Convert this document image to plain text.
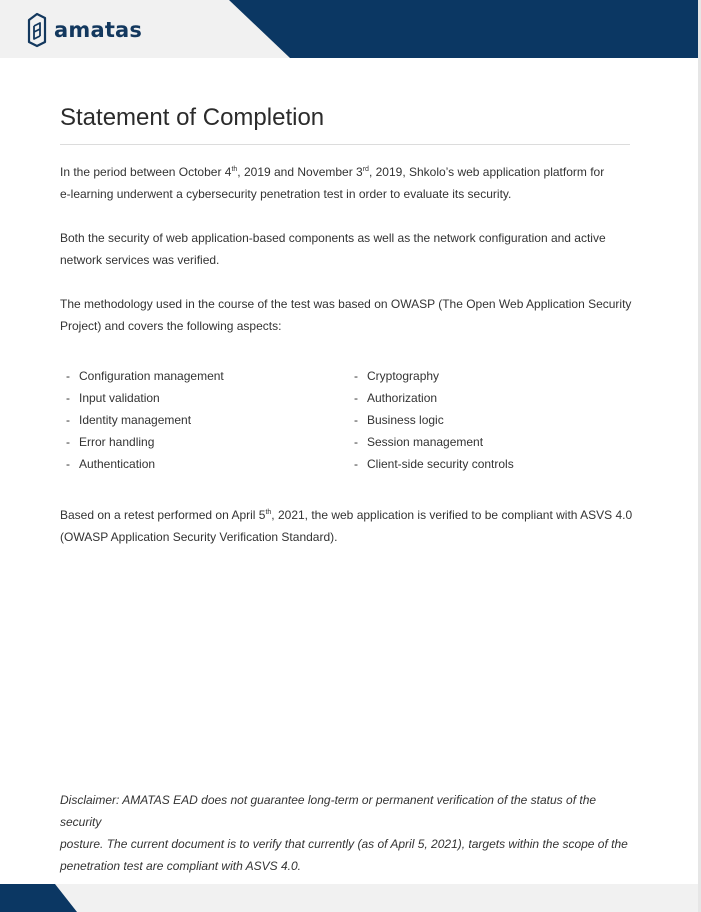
amatas
Statement of Completion

In the period between October 4th, 2019 and November 3rd, 2019, Shkolo’s web application platform for
e-learning underwent a cybersecurity penetration test in order to evaluate its security.

Both the security of web application-based components as well as the network configuration and active
network services was verified.

The methodology used in the course of the test was based on OWASP (The Open Web Application Security
Project) and covers the following aspects:

- Configuration management
- Input validation
- Identity management
- Error handling
- Authentication
- Cryptography
- Authorization
- Business logic
- Session management
- Client-side security controls

Based on a retest performed on April 5th, 2021, the web application is verified to be compliant with ASVS 4.0
(OWASP Application Security Verification Standard).

Disclaimer: AMATAS EAD does not guarantee long-term or permanent verification of the status of the security
posture. The current document is to verify that currently (as of April 5, 2021), targets within the scope of the
penetration test are compliant with ASVS 4.0.
